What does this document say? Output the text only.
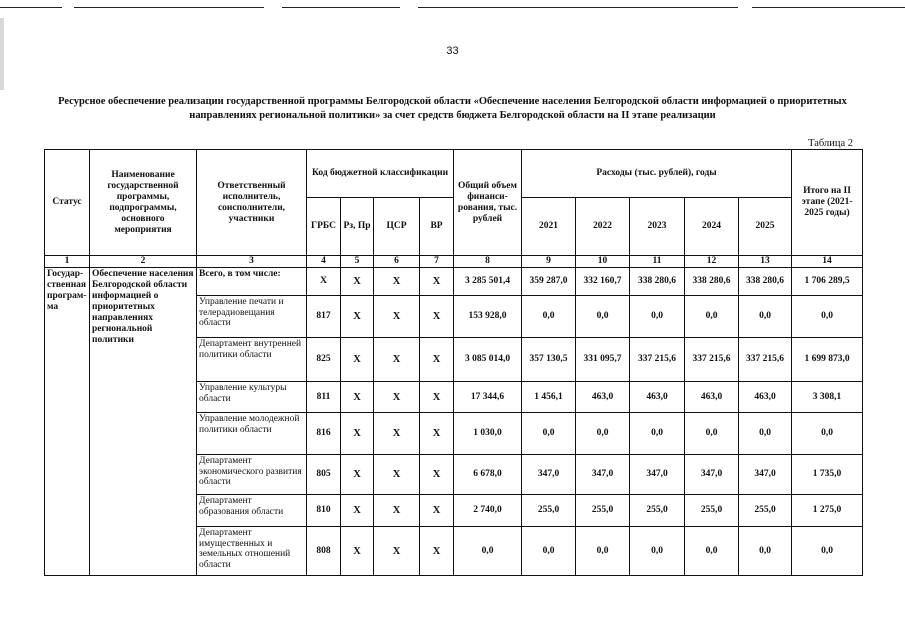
33
Ресурсное обеспечение реализации государственной программы Белгородской области «Обеспечение населения Белгородской области информацией о приоритетных направлениях региональной политики» за счет средств бюджета Белгородской области на II этапе реализации
Таблица 2
Статус	Наименование государственной программы, подпрограммы, основного мероприятия	Ответственный исполнитель, соисполнители, участники	Код бюджетной классификации				Общий объем финанси-рования, тыс. рублей	Расходы (тыс. рублей), годы					Итого на II этапе (2021-2025 годы)
			ГРБС	Рз, Пр	ЦСР	ВР		2021	2022	2023	2024	2025	
1	2	3	4	5	6	7	8	9	10	11	12	13	14
Государ-ственная програм-ма	Обеспечение населения Белгородской области информацией о приоритетных направлениях региональной политики	Всего, в том числе:	X	X	X	X	3 285 501,4	359 287,0	332 160,7	338 280,6	338 280,6	338 280,6	1 706 289,5
		Управление печати и телерадиовещания области	817	X	X	X	153 928,0	0,0	0,0	0,0	0,0	0,0	0,0
		Департамент внутренней политики области	825	X	X	X	3 085 014,0	357 130,5	331 095,7	337 215,6	337 215,6	337 215,6	1 699 873,0
		Управление культуры области	811	X	X	X	17 344,6	1 456,1	463,0	463,0	463,0	463,0	3 308,1
		Управление молодежной политики области	816	X	X	X	1 030,0	0,0	0,0	0,0	0,0	0,0	0,0
		Департамент экономического развития области	805	X	X	X	6 678,0	347,0	347,0	347,0	347,0	347,0	1 735,0
		Департамент образования области	810	X	X	X	2 740,0	255,0	255,0	255,0	255,0	255,0	1 275,0
		Департамент имущественных и земельных отношений области	808	X	X	X	0,0	0,0	0,0	0,0	0,0	0,0	0,0
